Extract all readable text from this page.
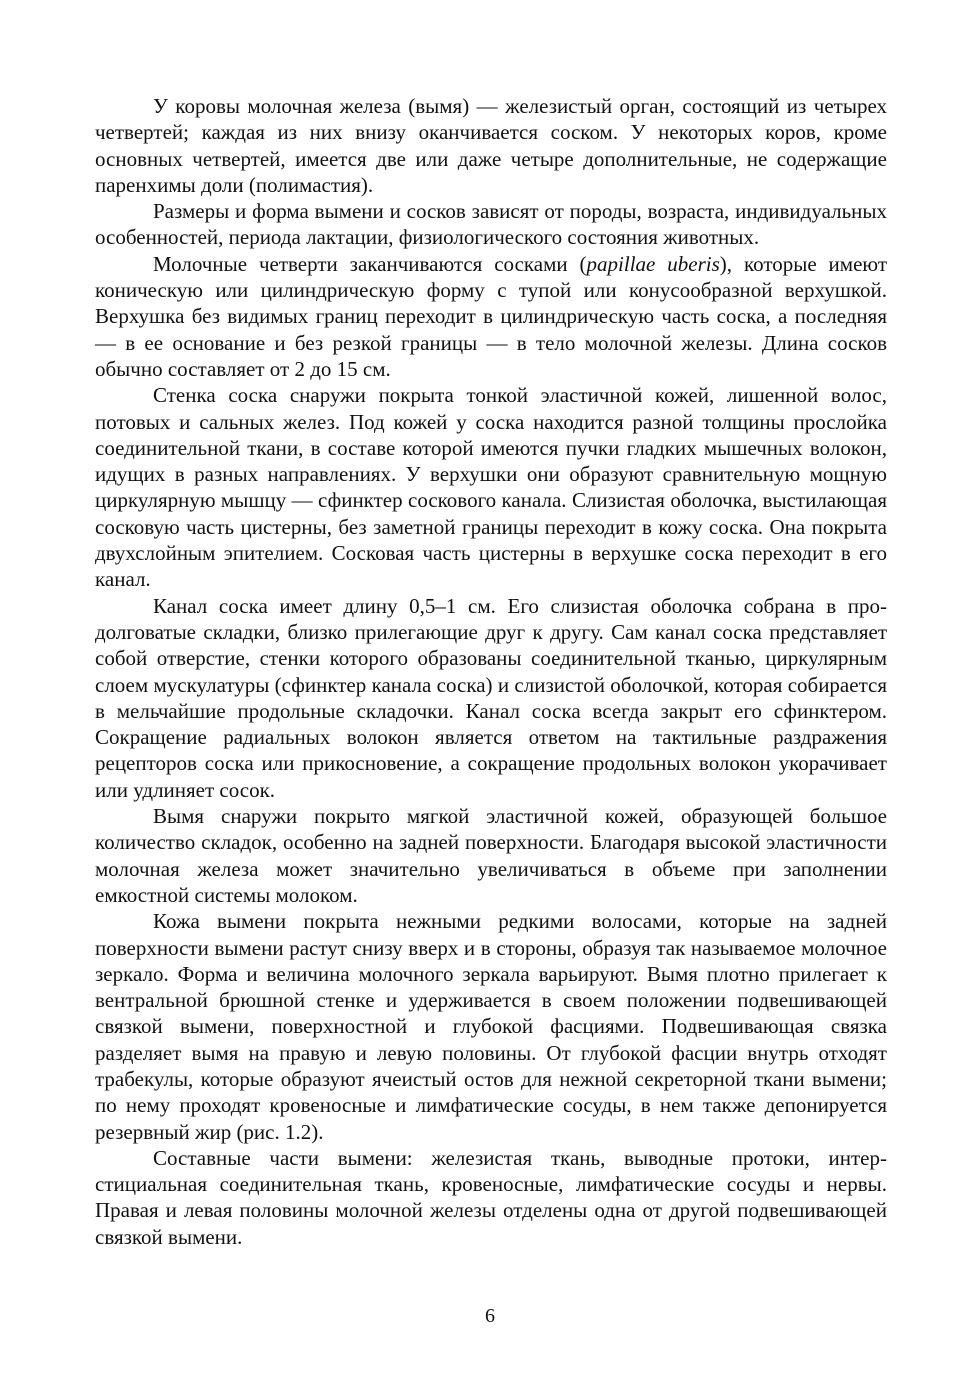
У коровы молочная железа (вымя) — железистый орган, состоящий из четырех четвертей; каждая из них внизу оканчивается соском. У некоторых коров, кроме основных четвертей, имеется две или даже четыре дополнительные, не содержащие паренхимы доли (полимастия).

Размеры и форма вымени и сосков зависят от породы, возраста, индивидуальных особенностей, периода лактации, физиологического состояния животных.

Молочные четверти заканчиваются сосками (papillae uberis), которые имеют коническую или цилиндрическую форму с тупой или конусообразной верхушкой. Верхушка без видимых границ переходит в цилиндрическую часть соска, а последняя — в ее основание и без резкой границы — в тело молочной железы. Длина сосков обычно составляет от 2 до 15 см.

Стенка соска снаружи покрыта тонкой эластичной кожей, лишенной волос, потовых и сальных желез. Под кожей у соска находится разной толщины прослойка соединительной ткани, в составе которой имеются пучки гладких мышечных волокон, идущих в разных направлениях. У верхушки они образуют сравнительную мощную циркулярную мышцу — сфинктер соскового канала. Слизистая оболочка, выстилающая сосковую часть цистерны, без заметной границы переходит в кожу соска. Она покрыта двухслойным эпителием. Сосковая часть цистерны в верхушке соска переходит в его канал.

Канал соска имеет длину 0,5–1 см. Его слизистая оболочка собрана в продолговатые складки, близко прилегающие друг к другу. Сам канал соска представляет собой отверстие, стенки которого образованы соединительной тканью, циркулярным слоем мускулатуры (сфинктер канала соска) и слизистой оболочкой, которая собирается в мельчайшие продольные складочки. Канал соска всегда закрыт его сфинктером. Сокращение радиальных волокон является ответом на тактильные раздражения рецепторов соска или прикосновение, а сокращение продольных волокон укорачивает или удлиняет сосок.

Вымя снаружи покрыто мягкой эластичной кожей, образующей большое количество складок, особенно на задней поверхности. Благодаря высокой эластичности молочная железа может значительно увеличиваться в объеме при заполнении емкостной системы молоком.

Кожа вымени покрыта нежными редкими волосами, которые на задней поверхности вымени растут снизу вверх и в стороны, образуя так называемое молочное зеркало. Форма и величина молочного зеркала варьируют. Вымя плотно прилегает к вентральной брюшной стенке и удерживается в своем положении подвешивающей связкой вымени, поверхностной и глубокой фасциями. Подвешивающая связка разделяет вымя на правую и левую половины. От глубокой фасции внутрь отходят трабекулы, которые образуют ячеистый остов для нежной секреторной ткани вымени; по нему проходят кровеносные и лимфатические сосуды, в нем также депонируется резервный жир (рис. 1.2).

Составные части вымени: железистая ткань, выводные протоки, интерстициальная соединительная ткань, кровеносные, лимфатические сосуды и нервы. Правая и левая половины молочной железы отделены одна от другой подвешивающей связкой вымени.

6
